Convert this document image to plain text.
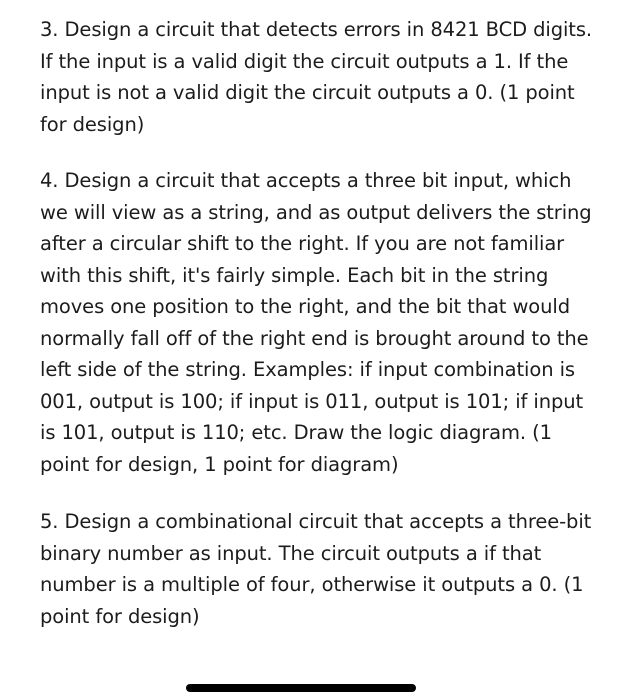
3. Design a circuit that detects errors in 8421 BCD digits. If the input is a valid digit the circuit outputs a 1. If the input is not a valid digit the circuit outputs a 0. (1 point for design)

4. Design a circuit that accepts a three bit input, which we will view as a string, and as output delivers the string after a circular shift to the right. If you are not familiar with this shift, it's fairly simple. Each bit in the string moves one position to the right, and the bit that would normally fall off of the right end is brought around to the left side of the string. Examples: if input combination is 001, output is 100; if input is 011, output is 101; if input is 101, output is 110; etc. Draw the logic diagram. (1 point for design, 1 point for diagram)

5. Design a combinational circuit that accepts a three-bit binary number as input. The circuit outputs a if that number is a multiple of four, otherwise it outputs a 0. (1 point for design)
